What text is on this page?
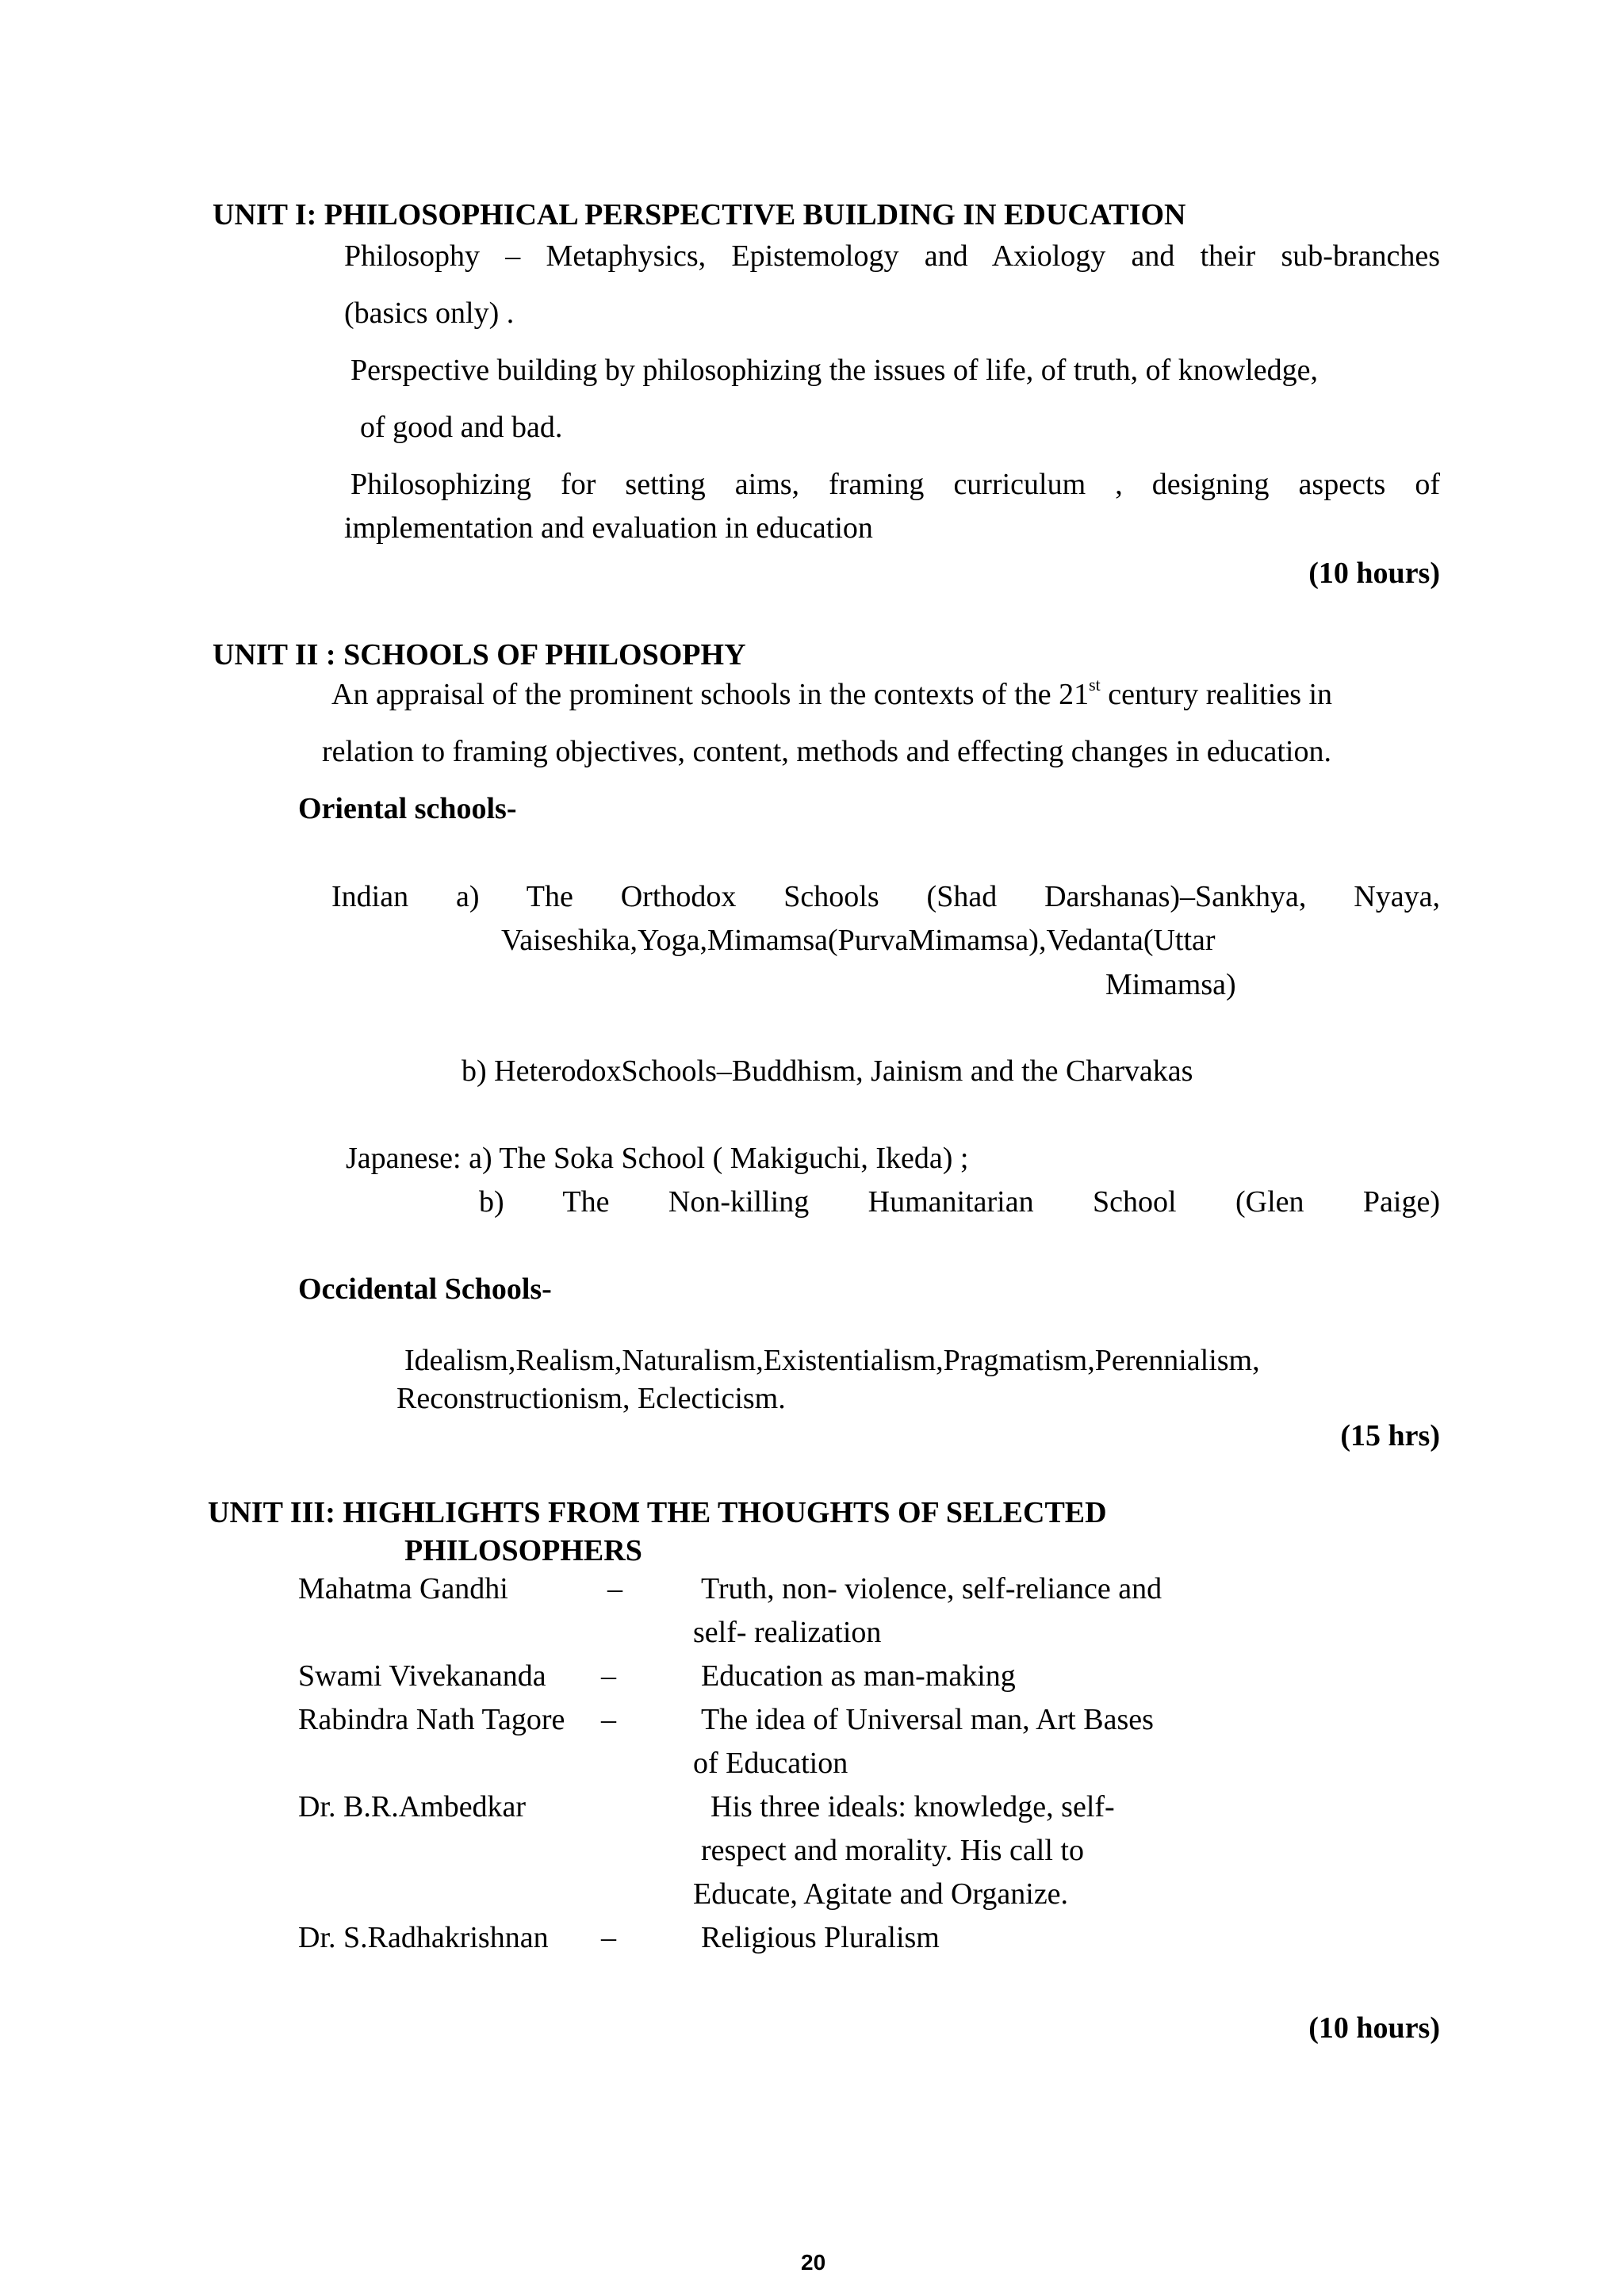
UNIT I: PHILOSOPHICAL PERSPECTIVE BUILDING IN EDUCATION
Philosophy – Metaphysics, Epistemology and Axiology and their sub-branches
(basics only) .
Perspective building by philosophizing the issues of life, of truth, of knowledge,
of good and bad.
Philosophizing for setting aims, framing curriculum , designing aspects of
implementation and evaluation in education
(10 hours)
UNIT II : SCHOOLS OF PHILOSOPHY
An appraisal of the prominent schools in the contexts of the 21st century realities in
relation to framing objectives, content, methods and effecting changes in education.
Oriental schools-
Indian a) The Orthodox Schools (Shad Darshanas)–Sankhya, Nyaya,
Vaiseshika,Yoga,Mimamsa(PurvaMimamsa),Vedanta(Uttar
Mimamsa)
b) HeterodoxSchools–Buddhism, Jainism and the Charvakas
Japanese: a) The Soka School ( Makiguchi, Ikeda) ;
b) The Non-killing Humanitarian School (Glen Paige)
Occidental Schools-
Idealism,Realism,Naturalism,Existentialism,Pragmatism,Perennialism,
Reconstructionism, Eclecticism.
(15 hrs)
UNIT III: HIGHLIGHTS FROM THE THOUGHTS OF SELECTED
PHILOSOPHERS
Mahatma Gandhi	–	Truth, non- violence, self-reliance and
self- realization
Swami Vivekananda –	Education as man-making
Rabindra Nath Tagore –	The idea of Universal man, Art Bases
of Education
Dr. B.R.Ambedkar	His three ideals: knowledge, self-
respect and morality. His call to
Educate, Agitate and Organize.
Dr. S.Radhakrishnan –	Religious Pluralism
(10 hours)
20
